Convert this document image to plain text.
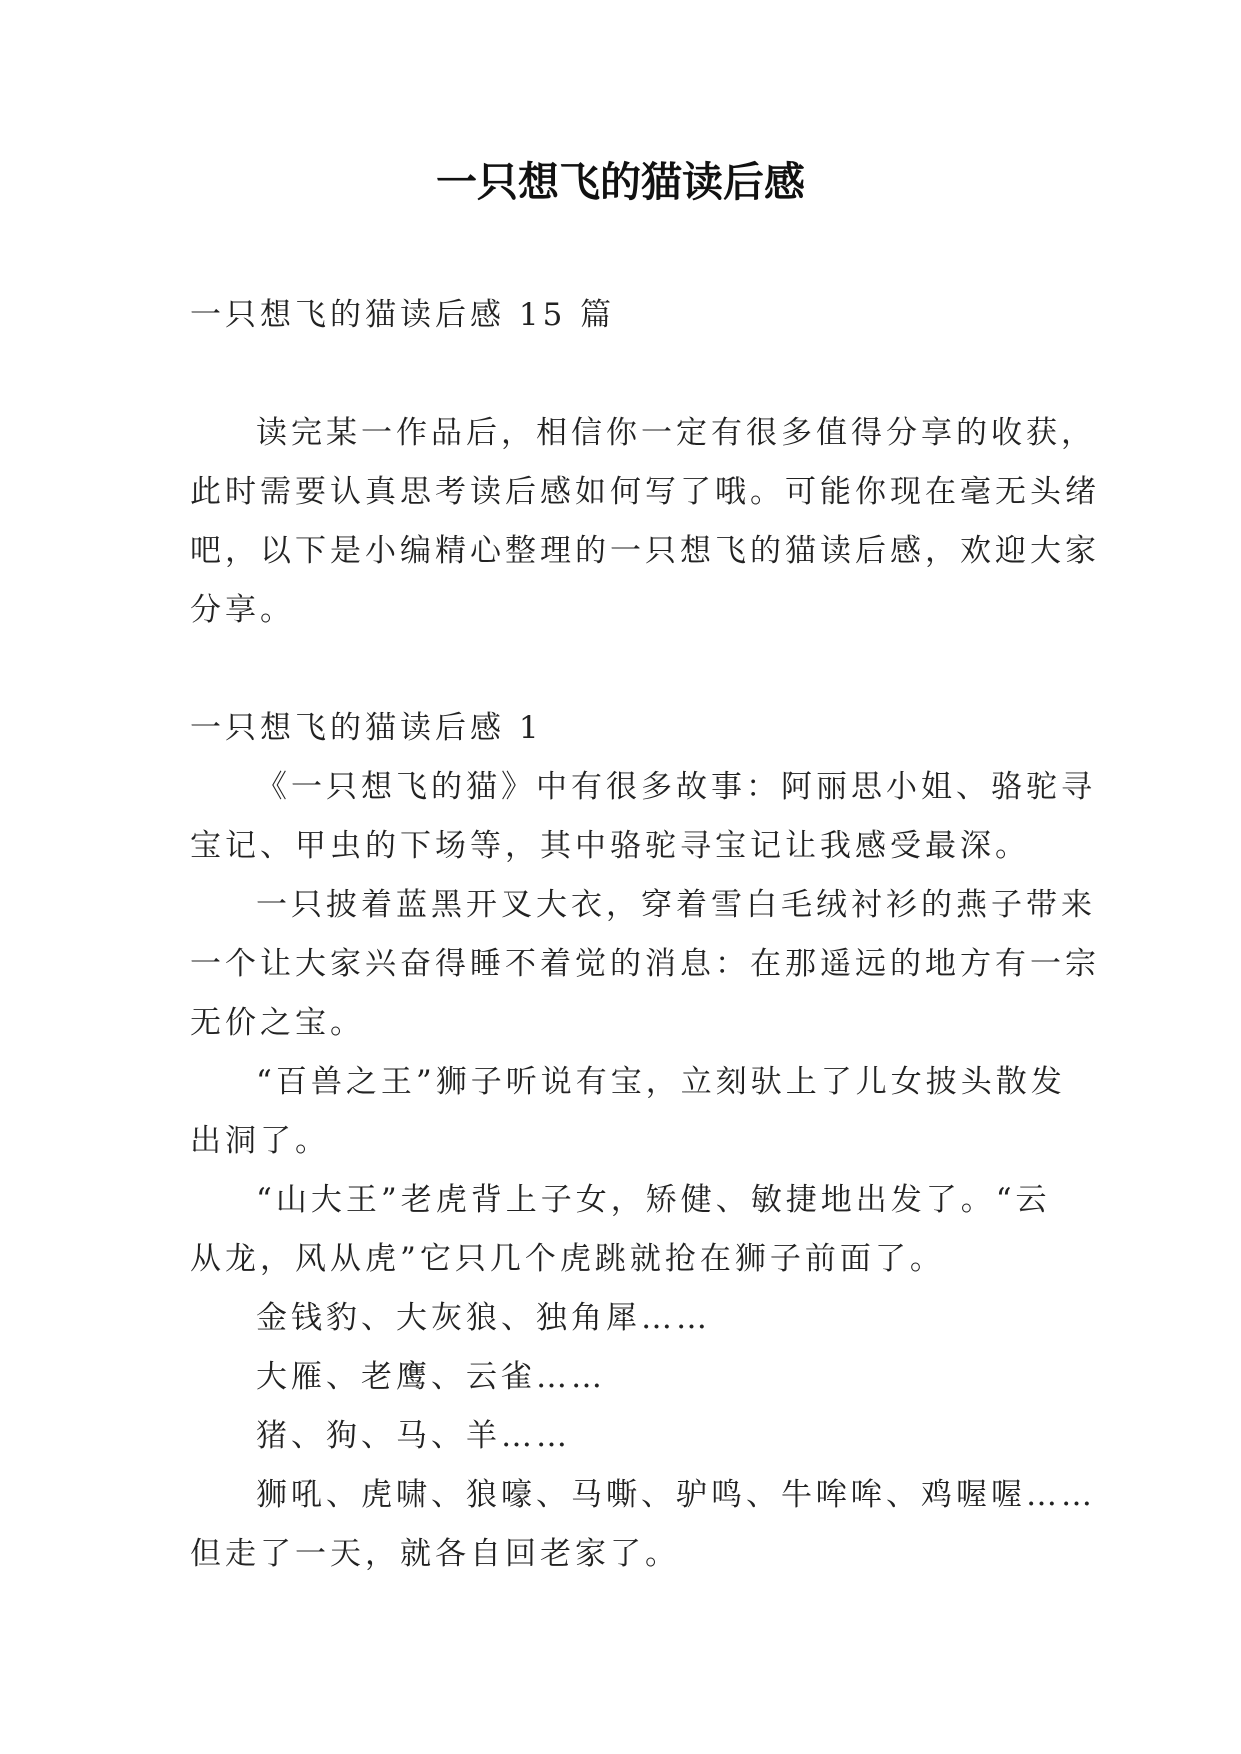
一只想飞的猫读后感
一只想飞的猫读后感 15 篇
读完某一作品后，相信你一定有很多值得分享的收获，
此时需要认真思考读后感如何写了哦。可能你现在毫无头绪
吧，以下是小编精心整理的一只想飞的猫读后感，欢迎大家
分享。
一只想飞的猫读后感 1
《一只想飞的猫》中有很多故事：阿丽思小姐、骆驼寻
宝记、甲虫的下场等，其中骆驼寻宝记让我感受最深。
一只披着蓝黑开叉大衣，穿着雪白毛绒衬衫的燕子带来
一个让大家兴奋得睡不着觉的消息：在那遥远的地方有一宗
无价之宝。
“百兽之王”狮子听说有宝，立刻驮上了儿女披头散发
出洞了。
“山大王”老虎背上子女，矫健、敏捷地出发了。“云
从龙，风从虎”它只几个虎跳就抢在狮子前面了。
金钱豹、大灰狼、独角犀……
大雁、老鹰、云雀……
猪、狗、马、羊……
狮吼、虎啸、狼嚎、马嘶、驴鸣、牛哞哞、鸡喔喔……
但走了一天，就各自回老家了。
